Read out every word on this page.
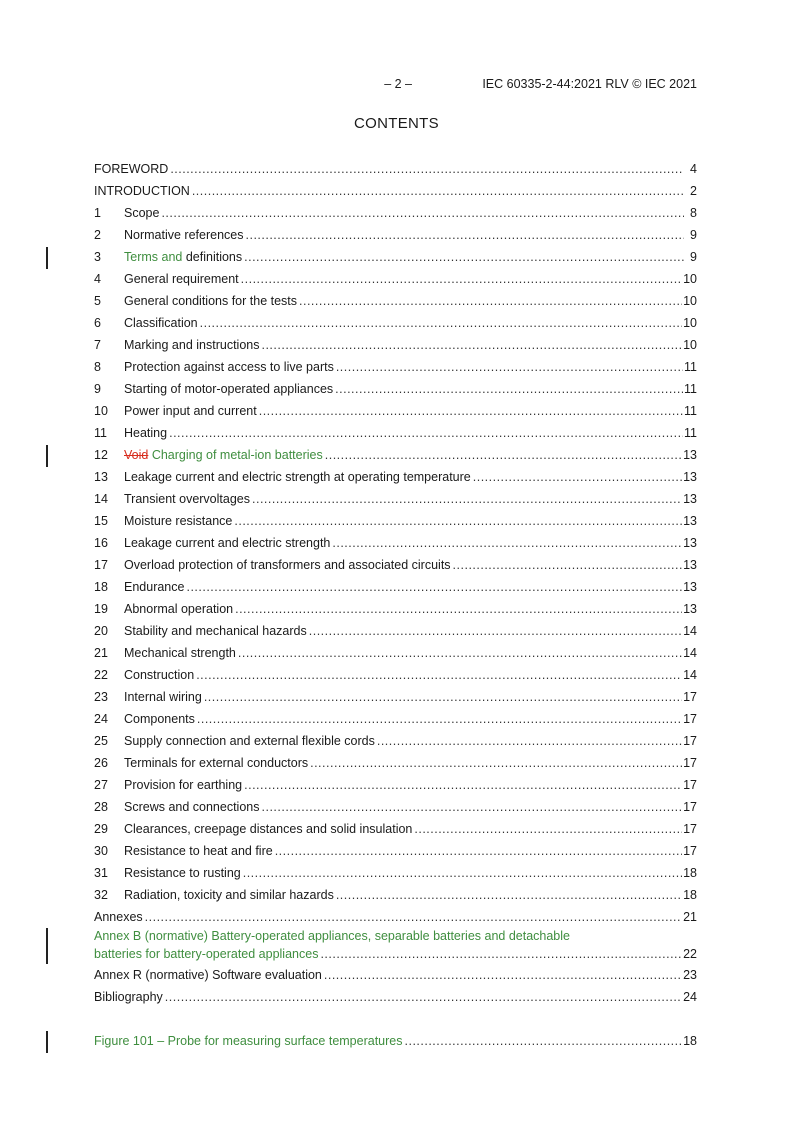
– 2 –	IEC 60335-2-44:2021 RLV © IEC 2021
CONTENTS
FOREWORD .....	4
INTRODUCTION .....	2
1	Scope .....	8
2	Normative references .....	9
3	Terms and definitions .....	9
4	General requirement .....	10
5	General conditions for the tests .....	10
6	Classification .....	10
7	Marking and instructions .....	10
8	Protection against access to live parts .....	11
9	Starting of motor-operated appliances .....	11
10	Power input and current .....	11
11	Heating .....	11
12	Void Charging of metal-ion batteries .....	13
13	Leakage current and electric strength at operating temperature .....	13
14	Transient overvoltages .....	13
15	Moisture resistance .....	13
16	Leakage current and electric strength .....	13
17	Overload protection of transformers and associated circuits .....	13
18	Endurance .....	13
19	Abnormal operation .....	13
20	Stability and mechanical hazards .....	14
21	Mechanical strength .....	14
22	Construction .....	14
23	Internal wiring .....	17
24	Components .....	17
25	Supply connection and external flexible cords .....	17
26	Terminals for external conductors .....	17
27	Provision for earthing .....	17
28	Screws and connections .....	17
29	Clearances, creepage distances and solid insulation .....	17
30	Resistance to heat and fire .....	17
31	Resistance to rusting .....	18
32	Radiation, toxicity and similar hazards .....	18
Annexes .....	21
Annex B (normative) Battery-operated appliances, separable batteries and detachable
batteries for battery-operated appliances .....	22
Annex R (normative) Software evaluation .....	23
Bibliography .....	24
Figure 101 – Probe for measuring surface temperatures .....	18
